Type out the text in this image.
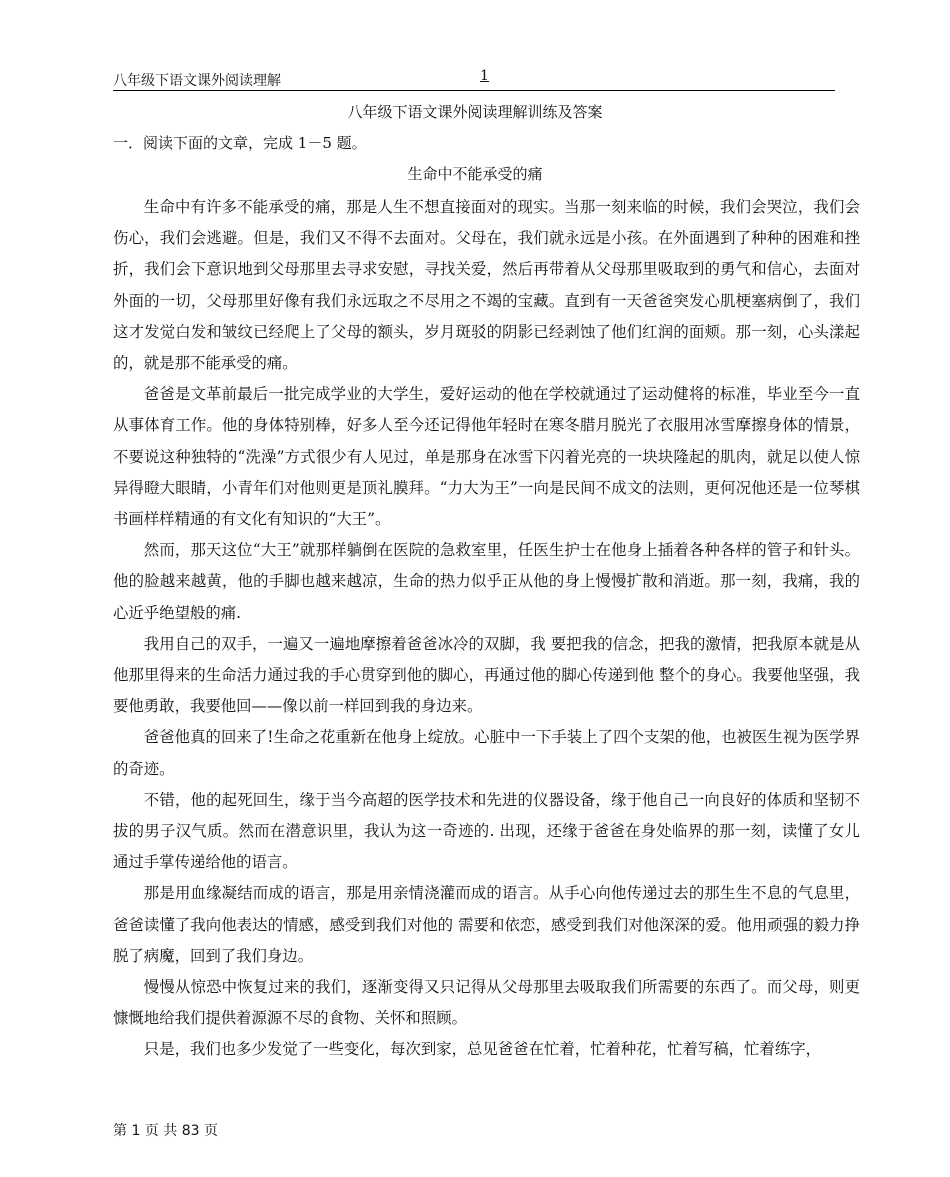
八年级下语文课外阅读理解	1
八年级下语文课外阅读理解训练及答案
一．阅读下面的文章，完成 1－5 题。
生命中不能承受的痛

生命中有许多不能承受的痛，那是人生不想直接面对的现实。当那一刻来临的时候，我们会哭泣，我们会伤心，我们会逃避。但是，我们又不得不去面对。父母在，我们就永远是小孩。在外面遇到了种种的困难和挫折，我们会下意识地到父母那里去寻求安慰，寻找关爱，然后再带着从父母那里吸取到的勇气和信心，去面对外面的一切，父母那里好像有我们永远取之不尽用之不竭的宝藏。直到有一天爸爸突发心肌梗塞病倒了，我们这才发觉白发和皱纹已经爬上了父母的额头，岁月斑驳的阴影已经剥蚀了他们红润的面颊。那一刻，心头漾起的，就是那不能承受的痛。

爸爸是文革前最后一批完成学业的大学生，爱好运动的他在学校就通过了运动健将的标准，毕业至今一直从事体育工作。他的身体特别棒，好多人至今还记得他年轻时在寒冬腊月脱光了衣服用冰雪摩擦身体的情景，不要说这种独特的“洗澡”方式很少有人见过，单是那身在冰雪下闪着光亮的一块块隆起的肌肉，就足以使人惊异得瞪大眼睛，小青年们对他则更是顶礼膜拜。“力大为王”一向是民间不成文的法则，更何况他还是一位琴棋书画样样精通的有文化有知识的“大王”。

然而，那天这位“大王”就那样躺倒在医院的急救室里，任医生护士在他身上插着各种各样的管子和针头。他的脸越来越黄，他的手脚也越来越凉，生命的热力似乎正从他的身上慢慢扩散和消逝。那一刻，我痛，我的心近乎绝望般的痛.

我用自己的双手，一遍又一遍地摩擦着爸爸冰冷的双脚，我 要把我的信念，把我的激情，把我原本就是从他那里得来的生命活力通过我的手心贯穿到他的脚心，再通过他的脚心传递到他 整个的身心。我要他坚强，我要他勇敢，我要他回——像以前一样回到我的身边来。

爸爸他真的回来了!生命之花重新在他身上绽放。心脏中一下手装上了四个支架的他，也被医生视为医学界的奇迹。

不错，他的起死回生，缘于当今高超的医学技术和先进的仪器设备，缘于他自己一向良好的体质和坚韧不拔的男子汉气质。然而在潜意识里，我认为这一奇迹的. 出现，还缘于爸爸在身处临界的那一刻，读懂了女儿通过手掌传递给他的语言。

那是用血缘凝结而成的语言，那是用亲情浇灌而成的语言。从手心向他传递过去的那生生不息的气息里，爸爸读懂了我向他表达的情感，感受到我们对他的 需要和依恋，感受到我们对他深深的爱。他用顽强的毅力挣脱了病魔，回到了我们身边。

慢慢从惊恐中恢复过来的我们，逐渐变得又只记得从父母那里去吸取我们所需要的东西了。而父母，则更慷慨地给我们提供着源源不尽的食物、关怀和照顾。

只是，我们也多少发觉了一些变化，每次到家，总见爸爸在忙着，忙着种花，忙着写稿，忙着练字，

第 1 页 共 83 页
